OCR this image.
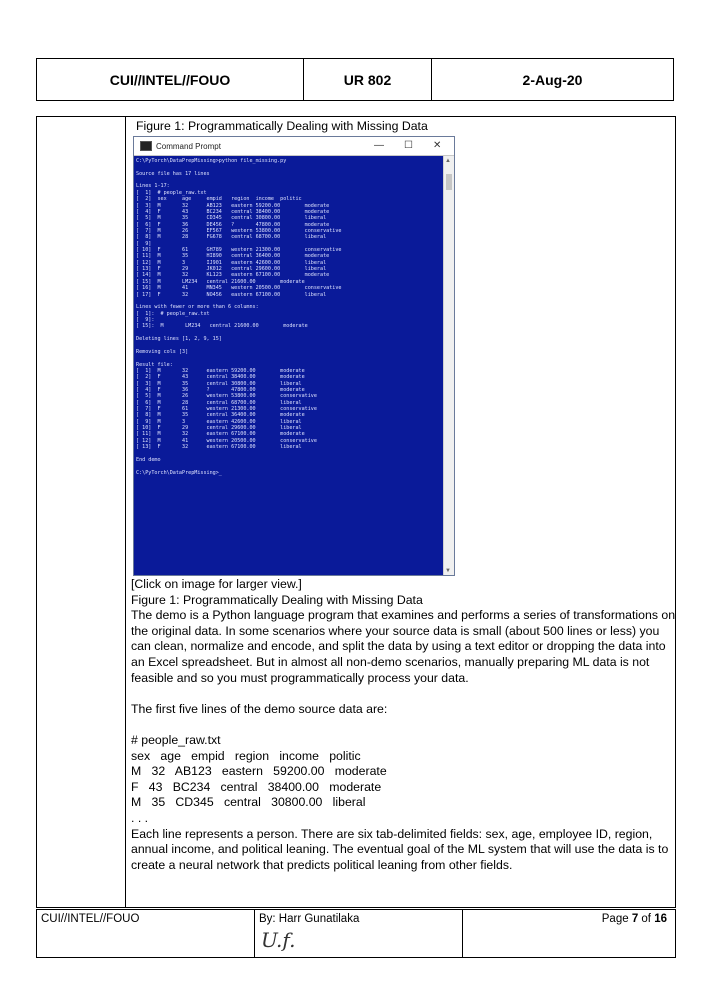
CUI//INTEL//FOUO	UR 802	2-Aug-20
Figure 1: Programmatically Dealing with Missing Data
Command Prompt	— ☐ ✕
C:\PyTorch\DataPrepMissing>python file_missing.py

Source file has 17 lines

Lines 1-17:
[  1]  # people_raw.txt
[  2]  sex     age     empid   region  income  politic
[  3]  M       32      AB123   eastern 59200.00        moderate
[  4]  F       43      BC234   central 38400.00        moderate
[  5]  M       35      CD345   central 30800.00        liberal
[  6]  F       36      DE456   ?       47800.00        moderate
[  7]  M       26      EF567   western 53800.00        conservative
[  8]  M       28      FG678   central 68700.00        liberal
[  9]
[ 10]  F       61      GH789   western 21300.00        conservative
[ 11]  M       35      HI890   central 36400.00        moderate
[ 12]  M       3       IJ901   eastern 42600.00        liberal
[ 13]  F       29      JK012   central 29600.00        liberal
[ 14]  M       32      KL123   eastern 67100.00        moderate
[ 15]  M       LM234   central 21600.00        moderate
[ 16]  M       41      MN345   western 20500.00        conservative
[ 17]  F       32      NO456   eastern 67100.00        liberal

Lines with fewer or more than 6 columns:
[  1]:  # people_raw.txt
[  9]:
[ 15]:  M       LM234   central 21600.00        moderate

Deleting lines [1, 2, 9, 15]

Removing cols [3]

Result file:
[  1]  M       32      eastern 59200.00        moderate
[  2]  F       43      central 38400.00        moderate
[  3]  M       35      central 30800.00        liberal
[  4]  F       36      ?       47800.00        moderate
[  5]  M       26      western 53800.00        conservative
[  6]  M       28      central 68700.00        liberal
[  7]  F       61      western 21300.00        conservative
[  8]  M       35      central 36400.00        moderate
[  9]  M       3       eastern 42600.00        liberal
[ 10]  F       29      central 29600.00        liberal
[ 11]  M       32      eastern 67100.00        moderate
[ 12]  M       41      western 20500.00        conservative
[ 13]  F       32      eastern 67100.00        liberal

End demo

C:\PyTorch\DataPrepMissing>_
▲
▼

[Click on image for larger view.]

Figure 1: Programmatically Dealing with Missing Data

The demo is a Python language program that examines and performs a series of transformations on the original data. In some scenarios where your source data is small (about 500 lines or less) you can clean, normalize and encode, and split the data by using a text editor or dropping the data into an Excel spreadsheet. But in almost all non-demo scenarios, manually preparing ML data is not feasible and so you must programmatically process your data.

The first five lines of the demo source data are:

# people_raw.txt
sex   age   empid   region   income   politic
M   32   AB123   eastern   59200.00   moderate
F   43   BC234   central   38400.00   moderate
M   35   CD345   central   30800.00   liberal
. . .

Each line represents a person. There are six tab-delimited fields: sex, age, employee ID, region, annual income, and political leaning. The eventual goal of the ML system that will use the data is to create a neural network that predicts political leaning from other fields.

CUI//INTEL//FOUO	By: Harr Gunatilaka
U.f.
Page 7 of 16
